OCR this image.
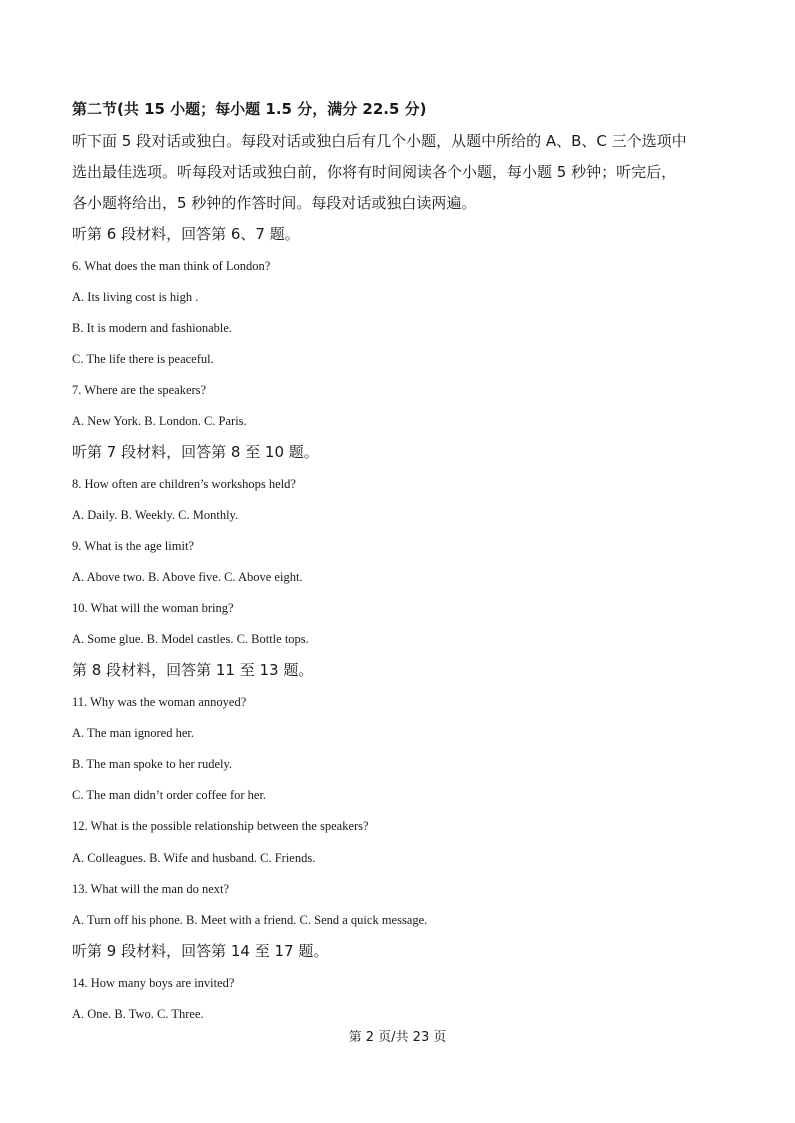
第二节(共 15 小题；每小题 1.5 分，满分 22.5 分)
听下面 5 段对话或独白。每段对话或独白后有几个小题，从题中所给的 A、B、C 三个选项中
选出最佳选项。听每段对话或独白前，你将有时间阅读各个小题，每小题 5 秒钟；听完后，
各小题将给出，5 秒钟的作答时间。每段对话或独白读两遍。
听第 6 段材料，回答第 6、7 题。
6. What does the man think of London?
A. Its living cost is high .
B. It is modern and fashionable.
C. The life there is peaceful.
7. Where are the speakers?
A. New York. B. London. C. Paris.
听第 7 段材料，回答第 8 至 10 题。
8. How often are children’s workshops held?
A. Daily. B. Weekly. C. Monthly.
9. What is the age limit?
A. Above two. B. Above five. C. Above eight.
10. What will the woman bring?
A. Some glue. B. Model castles. C. Bottle tops.
第 8 段材料，回答第 11 至 13 题。
11. Why was the woman annoyed?
A. The man ignored her.
B. The man spoke to her rudely.
C. The man didn’t order coffee for her.
12. What is the possible relationship between the speakers?
A. Colleagues. B. Wife and husband. C. Friends.
13. What will the man do next?
A. Turn off his phone. B. Meet with a friend. C. Send a quick message.
听第 9 段材料，回答第 14 至 17 题。
14. How many boys are invited?
A. One. B. Two. C. Three.
第 2 页/共 23 页
